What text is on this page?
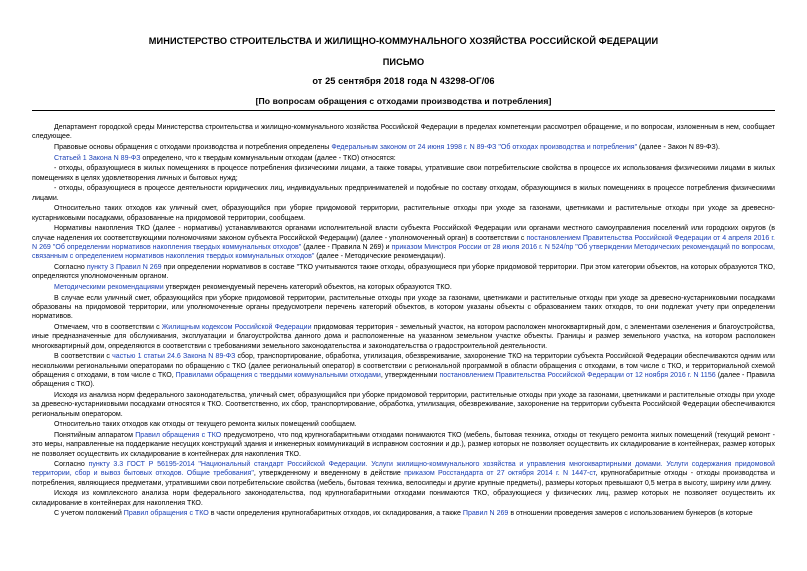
МИНИСТЕРСТВО СТРОИТЕЛЬСТВА И ЖИЛИЩНО-КОММУНАЛЬНОГО ХОЗЯЙСТВА РОССИЙСКОЙ ФЕДЕРАЦИИ
ПИСЬМО
от 25 сентября 2018 года N 43298-ОГ/06
[По вопросам обращения с отходами производства и потребления]

Департамент городской среды Министерства строительства и жилищно-коммунального хозяйства Российской Федерации в пределах компетенции рассмотрел обращение, и по вопросам, изложенным в нем, сообщает следующее.

Правовые основы обращения с отходами производства и потребления определены Федеральным законом от 24 июня 1998 г. N 89-ФЗ "Об отходах производства и потребления" (далее - Закон N 89-ФЗ).

Статьей 1 Закона N 89-ФЗ определено, что к твердым коммунальным отходам (далее - ТКО) относятся:

- отходы, образующиеся в жилых помещениях в процессе потребления физическими лицами, а также товары, утратившие свои потребительские свойства в процессе их использования физическими лицами в жилых помещениях в целях удовлетворения личных и бытовых нужд;

- отходы, образующиеся в процессе деятельности юридических лиц, индивидуальных предпринимателей и подобные по составу отходам, образующимся в жилых помещениях в процессе потребления физическими лицами.

Относительно таких отходов как уличный смет, образующийся при уборке придомовой территории, растительные отходы при уходе за газонами, цветниками и растительные отходы при уходе за древесно-кустарниковыми посадками, образованные на придомовой территории, сообщаем.

Нормативы накопления ТКО (далее - нормативы) устанавливаются органами исполнительной власти субъекта Российской Федерации или органами местного самоуправления поселений или городских округов (в случае наделения их соответствующими полномочиями законом субъекта Российской Федерации) (далее - уполномоченный орган) в соответствии с постановлением Правительства Российской Федерации от 4 апреля 2016 г. N 269 "Об определении нормативов накопления твердых коммунальных отходов" (далее - Правила N 269) и приказом Минстроя России от 28 июля 2016 г. N 524/пр "Об утверждении Методических рекомендаций по вопросам, связанным с определением нормативов накопления твердых коммунальных отходов" (далее - Методические рекомендации).

Согласно пункту 3 Правил N 269 при определении нормативов в составе "ТКО учитываются также отходы, образующиеся при уборке придомовой территории. При этом категории объектов, на которых образуются ТКО, определяются уполномоченным органом.

Методическими рекомендациями утвержден рекомендуемый перечень категорий объектов, на которых образуются ТКО.

В случае если уличный смет, образующийся при уборке придомовой территории, растительные отходы при уходе за газонами, цветниками и растительные отходы при уходе за древесно-кустарниковыми посадками образованы на придомовой территории, или уполномоченные органы предусмотрели перечень категорий объектов, в котором указаны объекты с образованием таких отходов, то они подлежат учету при определении нормативов.

Отмечаем, что в соответствии с Жилищным кодексом Российской Федерации придомовая территория - земельный участок, на котором расположен многоквартирный дом, с элементами озеленения и благоустройства, иные предназначенные для обслуживания, эксплуатации и благоустройства данного дома и расположенные на указанном земельном участке объекты. Границы и размер земельного участка, на котором расположен многоквартирный дом, определяются в соответствии с требованиями земельного законодательства и законодательства о градостроительной деятельности.

В соответствии с частью 1 статьи 24.6 Закона N 89-ФЗ сбор, транспортирование, обработка, утилизация, обезвреживание, захоронение ТКО на территории субъекта Российской Федерации обеспечиваются одним или несколькими региональными операторами по обращению с ТКО (далее региональный оператор) в соответствии с региональной программой в области обращения с отходами, в том числе с ТКО, и территориальной схемой обращения с отходами, в том числе с ТКО, Правилами обращения с твердыми коммунальными отходами, утвержденными постановлением Правительства Российской Федерации от 12 ноября 2016 г. N 1156 (далее - Правила обращения с ТКО).

Исходя из анализа норм федерального законодательства, уличный смет, образующийся при уборке придомовой территории, растительные отходы при уходе за газонами, цветниками и растительные отходы при уходе за древесно-кустарниковыми посадками относятся к ТКО. Соответственно, их сбор, транспортирование, обработка, утилизация, обезвреживание, захоронение на территории субъекта Российской Федерации обеспечиваются региональным оператором.

Относительно таких отходов как отходы от текущего ремонта жилых помещений сообщаем.

Понятийным аппаратом Правил обращения с ТКО предусмотрено, что под крупногабаритными отходами понимаются ТКО (мебель, бытовая техника, отходы от текущего ремонта жилых помещений (текущий ремонт - это меры, направленные на поддержание несущих конструкций здания и инженерных коммуникаций в исправном состоянии и др.), размер которых не позволяет осуществить их складирование в контейнерах, размер которых не позволяет осуществить их складирование в контейнерах для накопления ТКО.

Согласно пункту 3.3 ГОСТ Р 56195-2014 "Национальный стандарт Российской Федерации. Услуги жилищно-коммунального хозяйства и управления многоквартирными домами. Услуги содержания придомовой территории, сбор и вывоз бытовых отходов. Общие требования", утвержденному и введенному в действие приказом Росстандарта от 27 октября 2014 г. N 1447-ст, крупногабаритные отходы - отходы производства и потребления, являющиеся предметами, утратившими свои потребительские свойства (мебель, бытовая техника, велосипеды и другие крупные предметы), размеры которых превышают 0,5 метра в высоту, ширину или длину.

Исходя из комплексного анализа норм федерального законодательства, под крупногабаритными отходами понимаются ТКО, образующиеся у физических лиц, размер которых не позволяет осуществить их складирование в контейнерах для накопления ТКО.

С учетом положений Правил обращения с ТКО в части определения крупногабаритных отходов, их складирования, а также Правил N 269 в отношении проведения замеров с использованием бункеров (в которые
